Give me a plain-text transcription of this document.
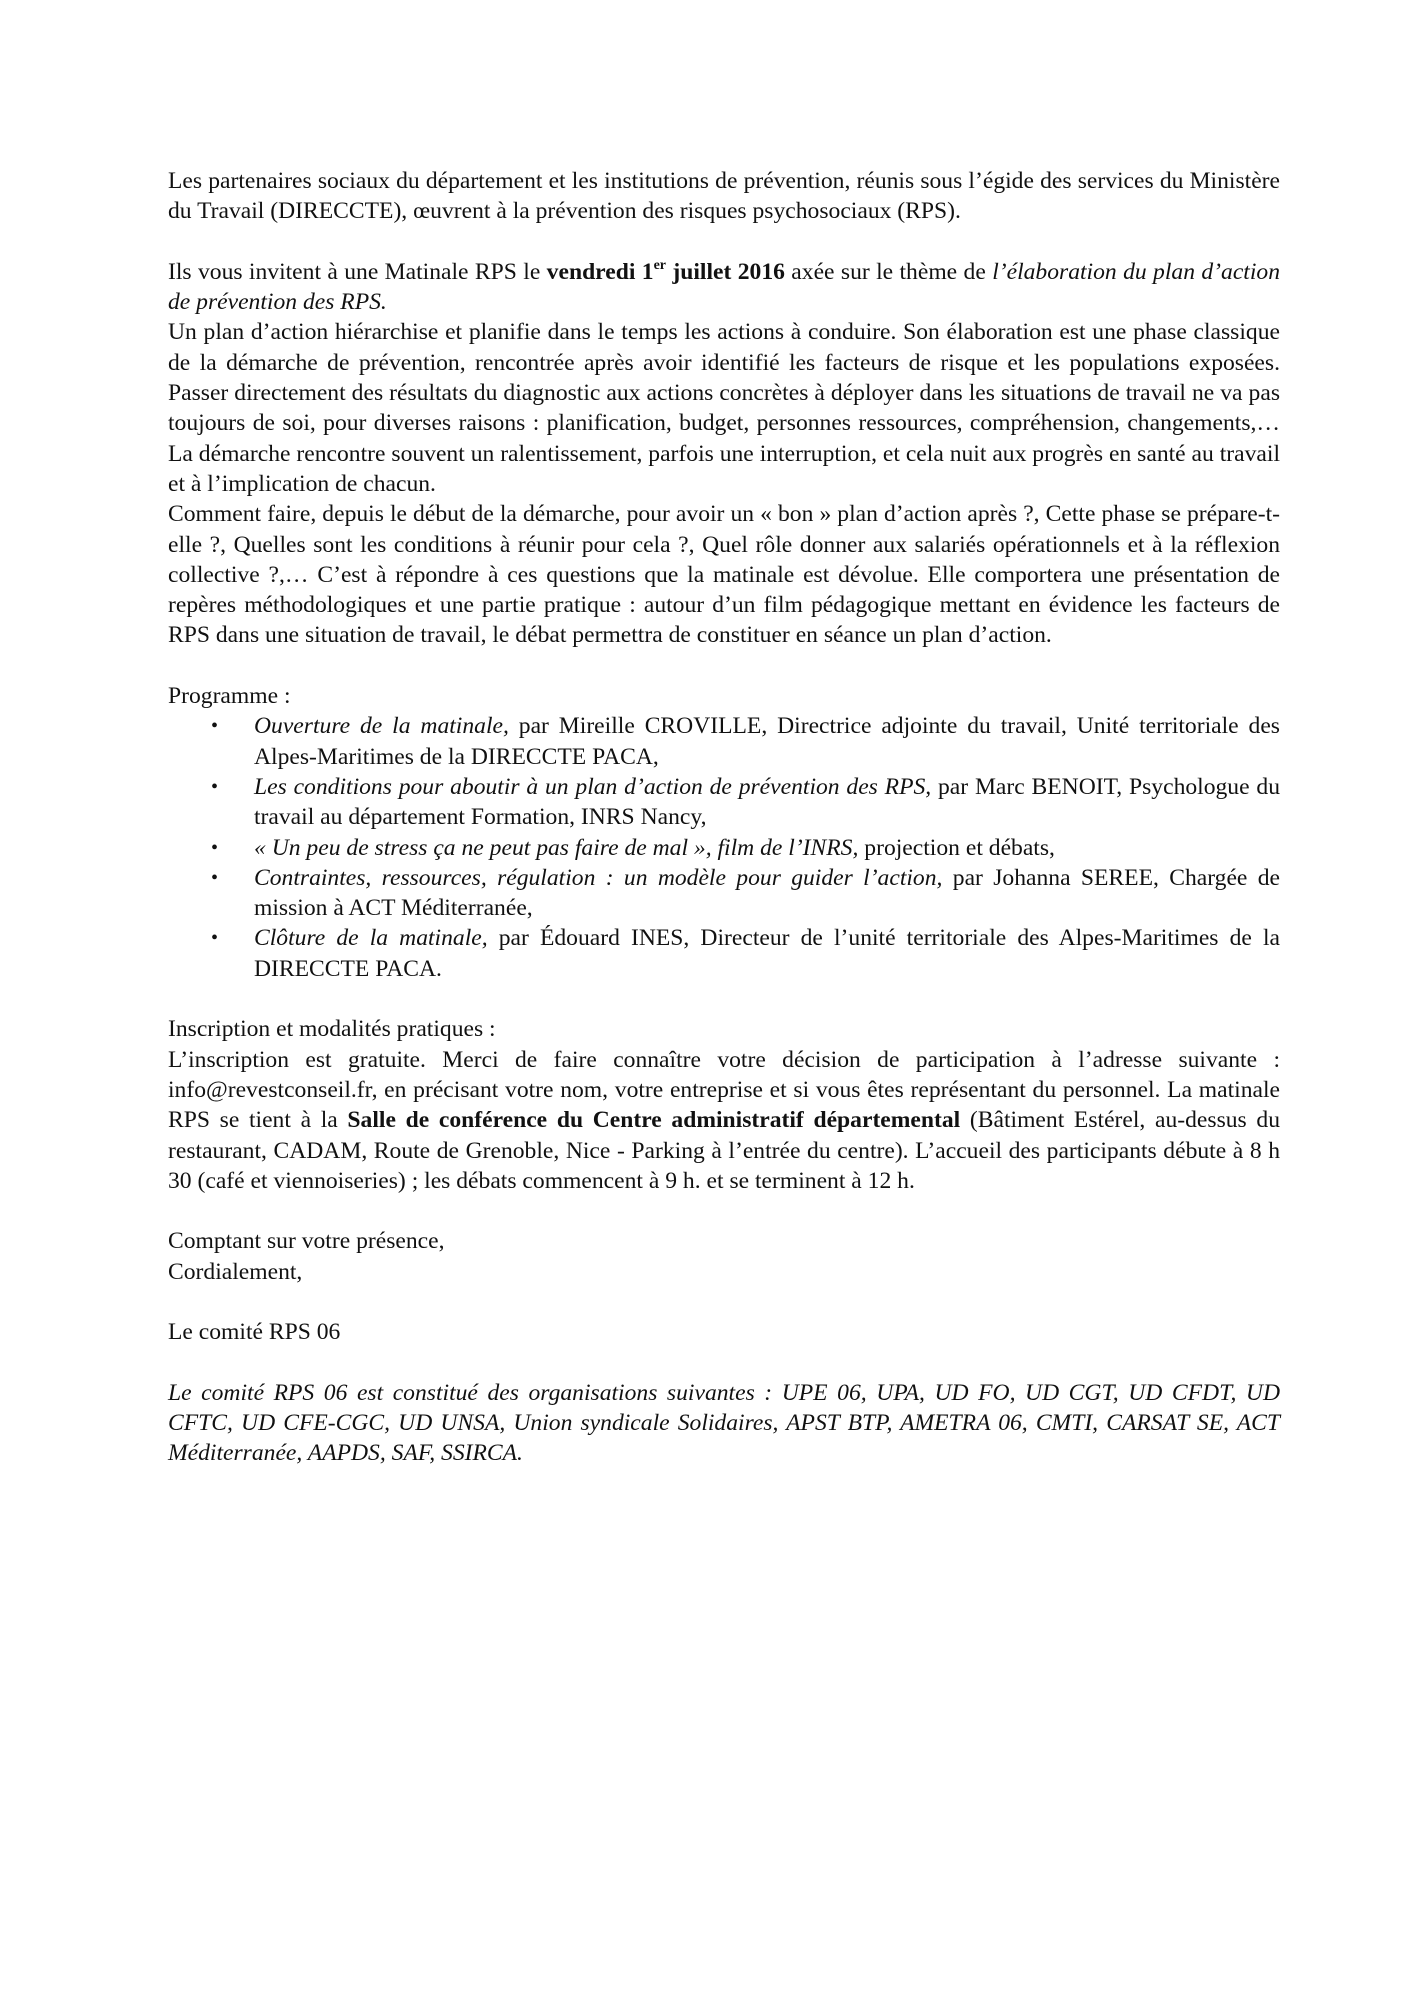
Les partenaires sociaux du département et les institutions de prévention, réunis sous l’égide des services du Ministère du Travail (DIRECCTE), œuvrent à la prévention des risques psychosociaux (RPS).

Ils vous invitent à une Matinale RPS le vendredi 1er juillet 2016 axée sur le thème de l’élaboration du plan d’action de prévention des RPS.

Un plan d’action hiérarchise et planifie dans le temps les actions à conduire. Son élaboration est une phase classique de la démarche de prévention, rencontrée après avoir identifié les facteurs de risque et les populations exposées. Passer directement des résultats du diagnostic aux actions concrètes à déployer dans les situations de travail ne va pas toujours de soi, pour diverses raisons : planification, budget, personnes ressources, compréhension, changements,… La démarche rencontre souvent un ralentissement, parfois une interruption, et cela nuit aux progrès en santé au travail et à l’implication de chacun.

Comment faire, depuis le début de la démarche, pour avoir un « bon » plan d’action après ?, Cette phase se prépare-t-elle ?, Quelles sont les conditions à réunir pour cela ?, Quel rôle donner aux salariés opérationnels et à la réflexion collective ?,… C’est à répondre à ces questions que la matinale est dévolue. Elle comportera une présentation de repères méthodologiques et une partie pratique : autour d’un film pédagogique mettant en évidence les facteurs de RPS dans une situation de travail, le débat permettra de constituer en séance un plan d’action.

Programme :

• Ouverture de la matinale, par Mireille CROVILLE, Directrice adjointe du travail, Unité territoriale des Alpes-Maritimes de la DIRECCTE PACA,
• Les conditions pour aboutir à un plan d’action de prévention des RPS, par Marc BENOIT, Psychologue du travail au département Formation, INRS Nancy,
• « Un peu de stress ça ne peut pas faire de mal », film de l’INRS, projection et débats,
• Contraintes, ressources, régulation : un modèle pour guider l’action, par Johanna SEREE, Chargée de mission à ACT Méditerranée,
• Clôture de la matinale, par Édouard INES, Directeur de l’unité territoriale des Alpes-Maritimes de la DIRECCTE PACA.

Inscription et modalités pratiques :

L’inscription est gratuite. Merci de faire connaître votre décision de participation à l’adresse suivante : info@revestconseil.fr, en précisant votre nom, votre entreprise et si vous êtes représentant du personnel. La matinale RPS se tient à la Salle de conférence du Centre administratif départemental (Bâtiment Estérel, au-dessus du restaurant, CADAM, Route de Grenoble, Nice - Parking à l’entrée du centre). L’accueil des participants débute à 8 h 30 (café et viennoiseries) ; les débats commencent à 9 h. et se terminent à 12 h.

Comptant sur votre présence,

Cordialement,

Le comité RPS 06

Le comité RPS 06 est constitué des organisations suivantes : UPE 06, UPA, UD FO, UD CGT, UD CFDT, UD CFTC, UD CFE-CGC, UD UNSA, Union syndicale Solidaires, APST BTP, AMETRA 06, CMTI, CARSAT SE, ACT Méditerranée, AAPDS, SAF, SSIRCA.
